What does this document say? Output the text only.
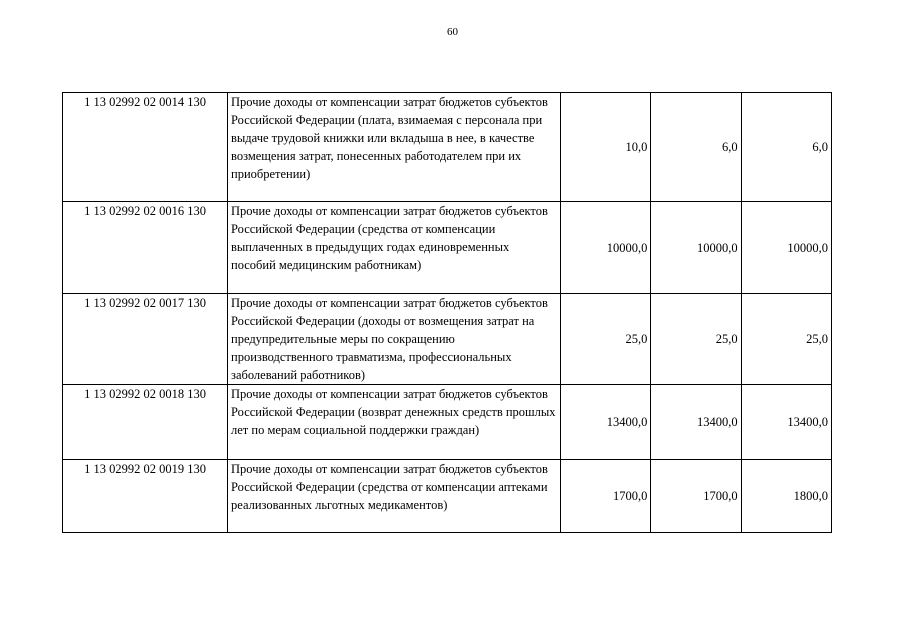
60
1 13 02992 02 0014 130	Прочие доходы от компенсации затрат бюджетов субъектов Российской Федерации (плата, взимаемая с персонала при выдаче трудовой книжки или вкладыша в нее, в качестве возмещения затрат, понесенных работодателем при их приобретении)	10,0	6,0	6,0
1 13 02992 02 0016 130	Прочие доходы от компенсации затрат бюджетов субъектов Российской Федерации (средства от компенсации выплаченных в предыдущих годах единовременных пособий медицинским работникам)	10000,0	10000,0	10000,0
1 13 02992 02 0017 130	Прочие доходы от компенсации затрат бюджетов субъектов Российской Федерации (доходы от возмещения затрат на предупредительные меры по сокращению производственного травматизма, профессиональных заболеваний работников)	25,0	25,0	25,0
1 13 02992 02 0018 130	Прочие доходы от компенсации затрат бюджетов субъектов Российской Федерации (возврат денежных средств прошлых лет по мерам социальной поддержки граждан)	13400,0	13400,0	13400,0
1 13 02992 02 0019 130	Прочие доходы от компенсации затрат бюджетов субъектов Российской Федерации (средства от компенсации аптеками реализованных льготных медикаментов)	1700,0	1700,0	1800,0
